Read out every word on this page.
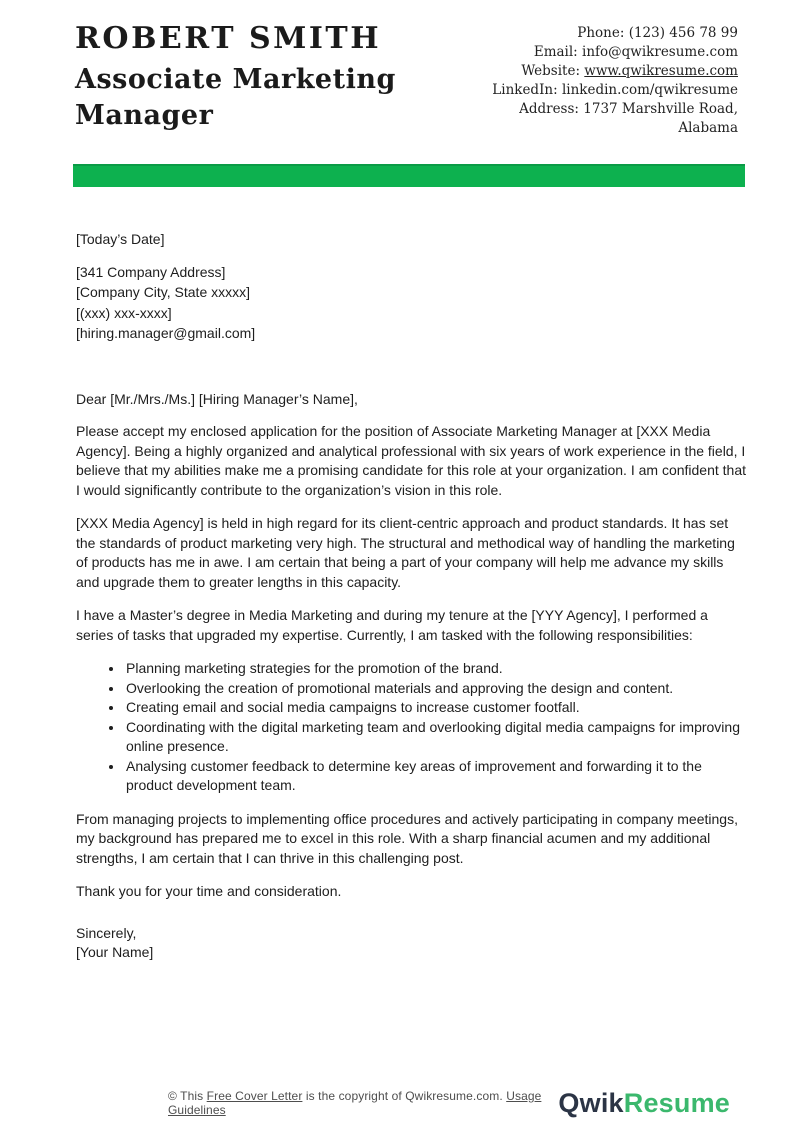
ROBERT SMITH
Associate Marketing Manager
Phone: (123) 456 78 99
Email: info@qwikresume.com
Website: www.qwikresume.com
LinkedIn: linkedin.com/qwikresume
Address: 1737 Marshville Road,
Alabama

[Today’s Date]

[341 Company Address]
[Company City, State xxxxx]
[(xxx) xxx-xxxx]
[hiring.manager@gmail.com]

Dear [Mr./Mrs./Ms.] [Hiring Manager’s Name],

Please accept my enclosed application for the position of Associate Marketing Manager at [XXX Media Agency]. Being a highly organized and analytical professional with six years of work experience in the field, I believe that my abilities make me a promising candidate for this role at your organization. I am confident that I would significantly contribute to the organization’s vision in this role.

[XXX Media Agency] is held in high regard for its client-centric approach and product standards. It has set the standards of product marketing very high. The structural and methodical way of handling the marketing of products has me in awe. I am certain that being a part of your company will help me advance my skills and upgrade them to greater lengths in this capacity.

I have a Master’s degree in Media Marketing and during my tenure at the [YYY Agency], I performed a series of tasks that upgraded my expertise. Currently, I am tasked with the following responsibilities:

• Planning marketing strategies for the promotion of the brand.
• Overlooking the creation of promotional materials and approving the design and content.
• Creating email and social media campaigns to increase customer footfall.
• Coordinating with the digital marketing team and overlooking digital media campaigns for improving online presence.
• Analysing customer feedback to determine key areas of improvement and forwarding it to the product development team.

From managing projects to implementing office procedures and actively participating in company meetings, my background has prepared me to excel in this role. With a sharp financial acumen and my additional strengths, I am certain that I can thrive in this challenging post.

Thank you for your time and consideration.

Sincerely,

[Your Name]

© This Free Cover Letter is the copyright of Qwikresume.com. Usage Guidelines	QwikResume
